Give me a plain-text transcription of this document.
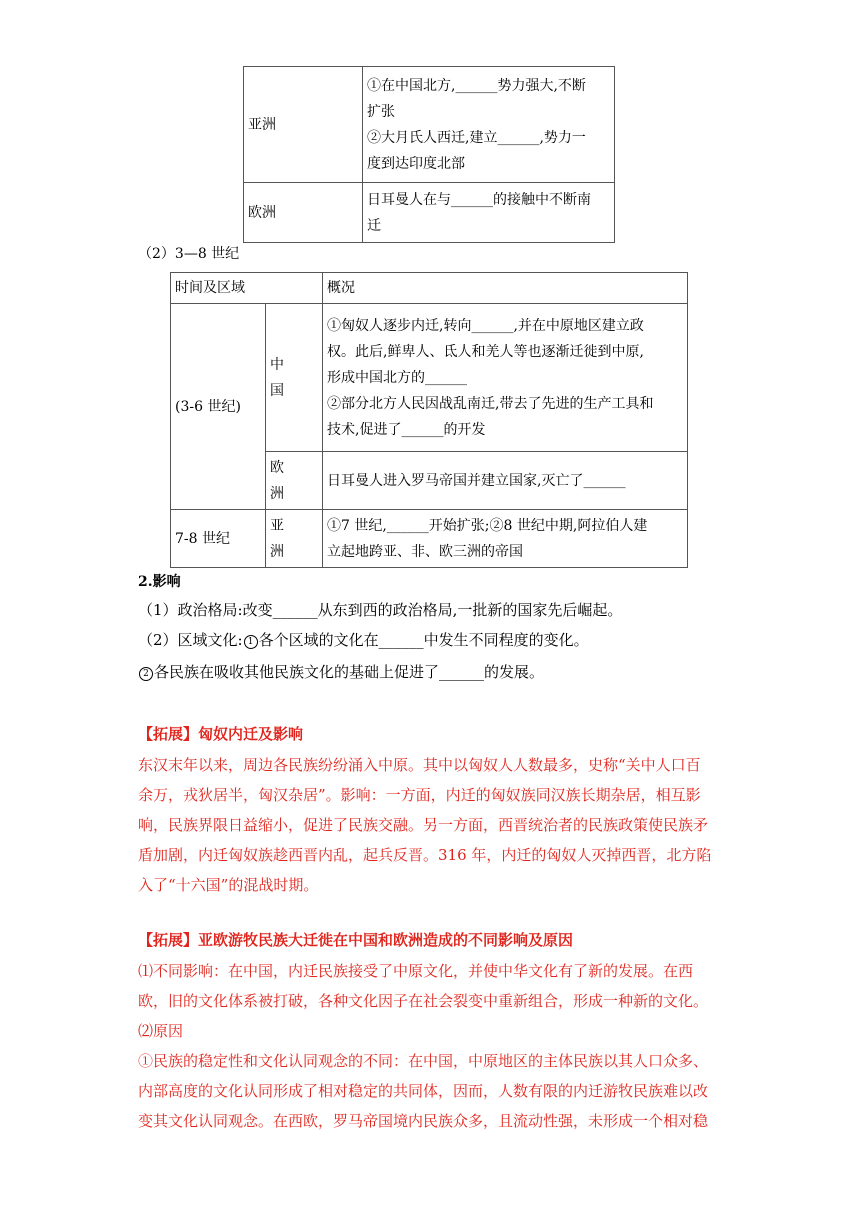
亚洲	①在中国北方,______势力强大,不断
扩张
②大月氏人西迁,建立______,势力一
度到达印度北部
欧洲	日耳曼人在与______的接触中不断南
迁
（2）3—8 世纪
时间及区域		概况
(3-6 世纪)	中
国	①匈奴人逐步内迁,转向______,并在中原地区建立政
权。此后,鲜卑人、氐人和羌人等也逐渐迁徙到中原,
形成中国北方的______
②部分北方人民因战乱南迁,带去了先进的生产工具和
技术,促进了______的开发
	欧
洲	日耳曼人进入罗马帝国并建立国家,灭亡了______
7-8 世纪	亚
洲	①7 世纪,______开始扩张;②8 世纪中期,阿拉伯人建
立起地跨亚、非、欧三洲的帝国
2.影响
（1）政治格局:改变______从东到西的政治格局,一批新的国家先后崛起。
（2）区域文化: 1 各个区域的文化在______中发生不同程度的变化。
2 各民族在吸收其他民族文化的基础上促进了______的发展。
【拓展】匈奴内迁及影响
东汉末年以来，周边各民族纷纷涌入中原。其中以匈奴人人数最多，史称“关中人口百
余万，戎狄居半，匈汉杂居”。影响：一方面，内迁的匈奴族同汉族长期杂居，相互影
响，民族界限日益缩小，促进了民族交融。另一方面，西晋统治者的民族政策使民族矛
盾加剧，内迁匈奴族趁西晋内乱，起兵反晋。316 年，内迁的匈奴人灭掉西晋，北方陷
入了“十六国”的混战时期。
【拓展】亚欧游牧民族大迁徙在中国和欧洲造成的不同影响及原因
⑴不同影响：在中国，内迁民族接受了中原文化，并使中华文化有了新的发展。在西
欧，旧的文化体系被打破，各种文化因子在社会裂变中重新组合，形成一种新的文化。
⑵原因
①民族的稳定性和文化认同观念的不同：在中国，中原地区的主体民族以其人口众多、
内部高度的文化认同形成了相对稳定的共同体，因而，人数有限的内迁游牧民族难以改
变其文化认同观念。在西欧，罗马帝国境内民族众多，且流动性强，未形成一个相对稳
